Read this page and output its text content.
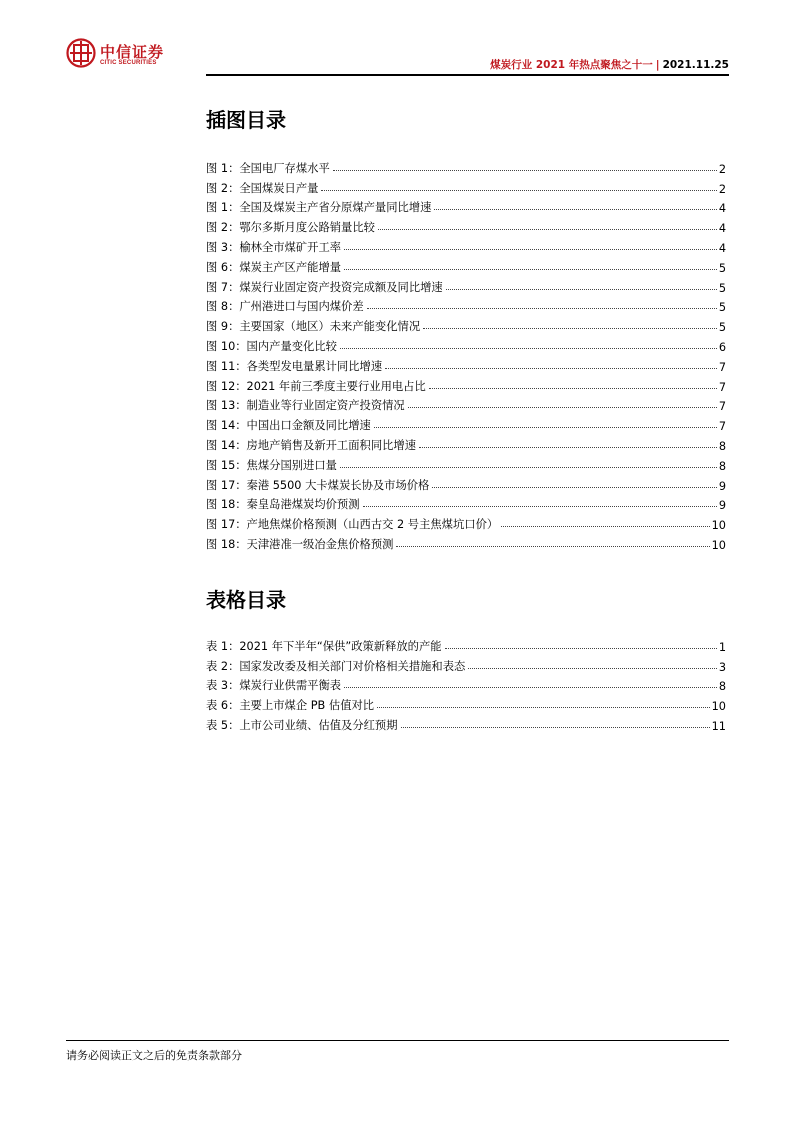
中信证券
CITIC SECURITIES	煤炭行业 2021 年热点聚焦之十一 | 2021.11.25
插图目录
图 1：全国电厂存煤水平	2
图 2：全国煤炭日产量	2
图 1：全国及煤炭主产省分原煤产量同比增速	4
图 2：鄂尔多斯月度公路销量比较	4
图 3：榆林全市煤矿开工率	4
图 6：煤炭主产区产能增量	5
图 7：煤炭行业固定资产投资完成额及同比增速	5
图 8：广州港进口与国内煤价差	5
图 9：主要国家（地区）未来产能变化情况	5
图 10：国内产量变化比较	6
图 11：各类型发电量累计同比增速	7
图 12：2021 年前三季度主要行业用电占比	7
图 13：制造业等行业固定资产投资情况	7
图 14：中国出口金额及同比增速	7
图 14：房地产销售及新开工面积同比增速	8
图 15：焦煤分国别进口量	8
图 17：秦港 5500 大卡煤炭长协及市场价格	9
图 18：秦皇岛港煤炭均价预测	9
图 17：产地焦煤价格预测（山西古交 2 号主焦煤坑口价）	10
图 18：天津港准一级冶金焦价格预测	10
表格目录
表 1：2021 年下半年“保供”政策新释放的产能	1
表 2：国家发改委及相关部门对价格相关措施和表态	3
表 3：煤炭行业供需平衡表	8
表 6：主要上市煤企 PB 估值对比	10
表 5：上市公司业绩、估值及分红预期	11
请务必阅读正文之后的免责条款部分
